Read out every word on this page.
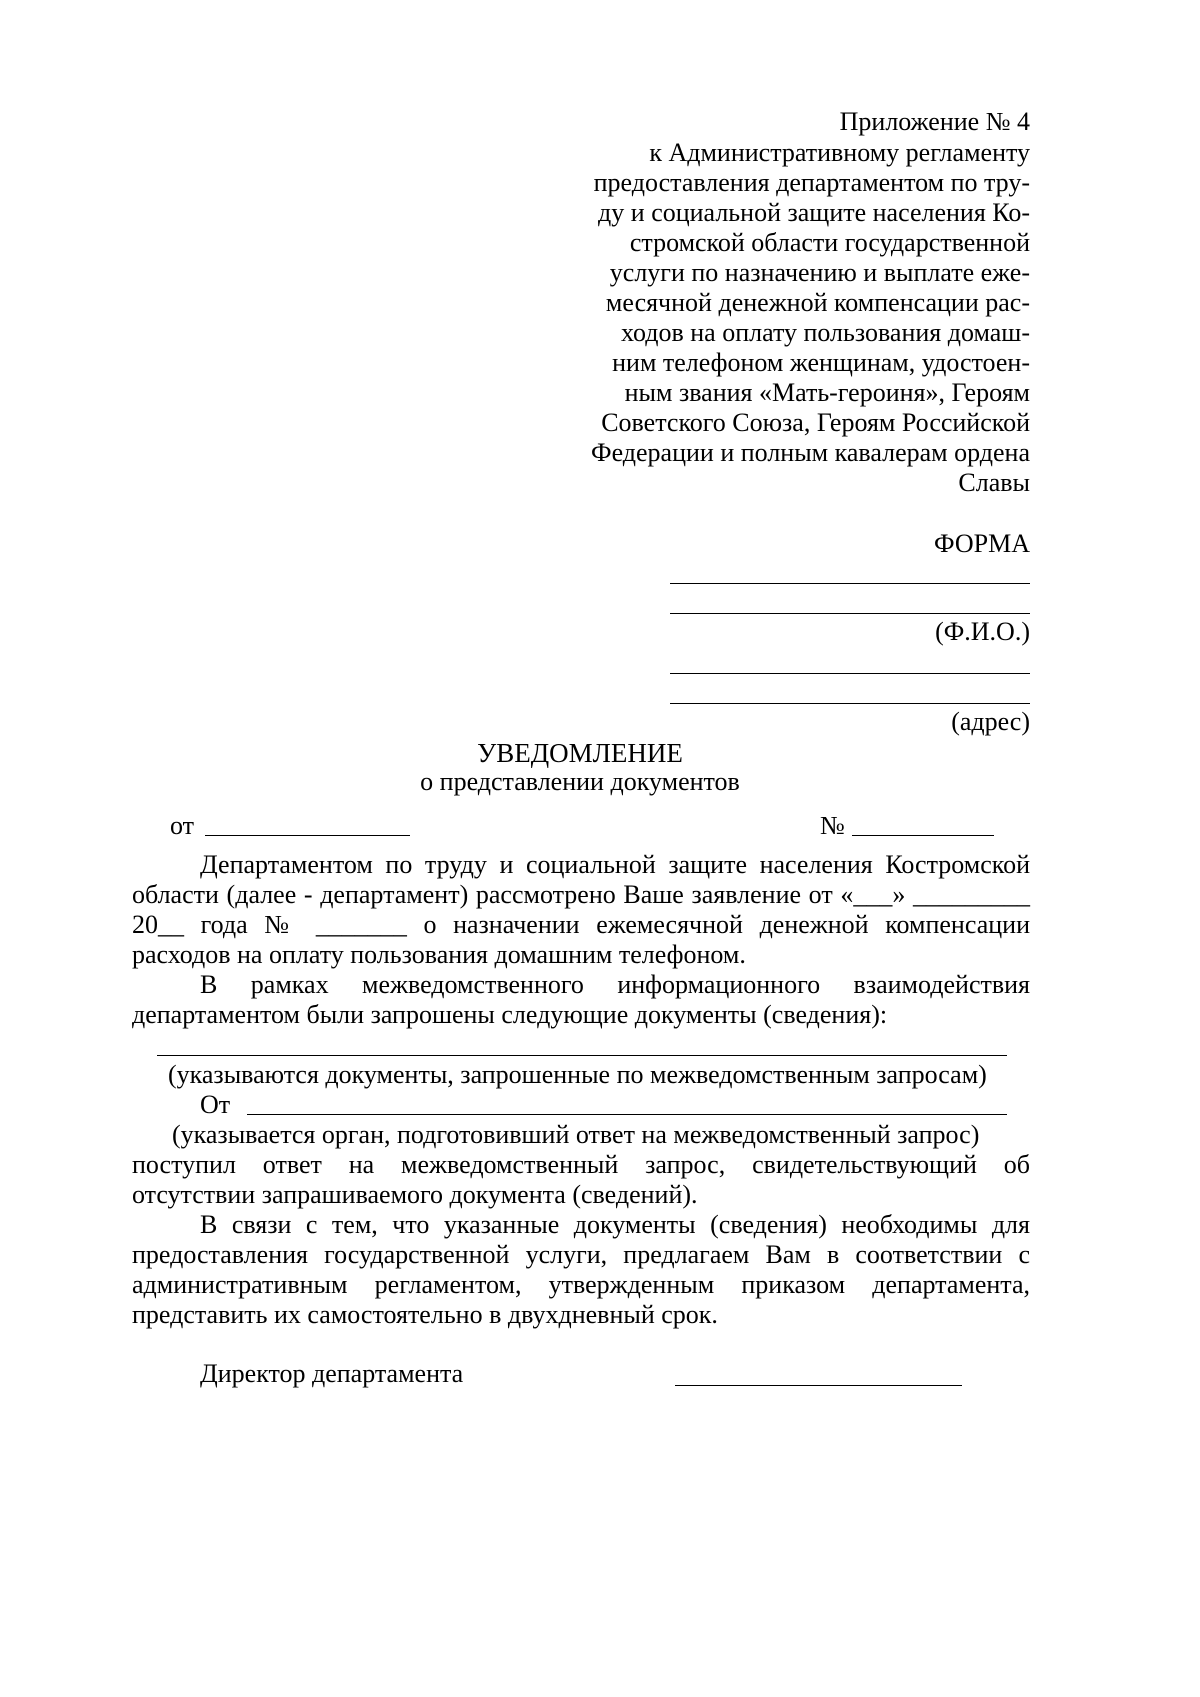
Приложение № 4
к Административному регламенту
предоставления департаментом по тру-
ду и социальной защите населения Ко-
стромской области государственной
услуги по назначению и выплате еже-
месячной денежной компенсации рас-
ходов на оплату пользования домаш-
ним телефоном женщинам, удостоен-
ным звания «Мать-героиня», Героям
Советского Союза, Героям Российской
Федерации и полным кавалерам ордена
Славы
ФОРМА
(Ф.И.О.)
(адрес)
УВЕДОМЛЕНИЕ
о представлении документов
от	№
Департаментом по труду и социальной защите населения Костромской
области (далее - департамент) рассмотрено Ваше заявление от «___» _________
20__ года № _______ о назначении ежемесячной денежной компенсации
расходов на оплату пользования домашним телефоном.
В рамках межведомственного информационного взаимодействия
департаментом были запрошены следующие документы (сведения):
(указываются документы, запрошенные по межведомственным запросам)
От
(указывается орган, подготовивший ответ на межведомственный запрос)
поступил ответ на межведомственный запрос, свидетельствующий об
отсутствии запрашиваемого документа (сведений).
В связи с тем, что указанные документы (сведения) необходимы для
предоставления государственной услуги, предлагаем Вам в соответствии с
административным регламентом, утвержденным приказом департамента,
представить их самостоятельно в двухдневный срок.
Директор департамента
